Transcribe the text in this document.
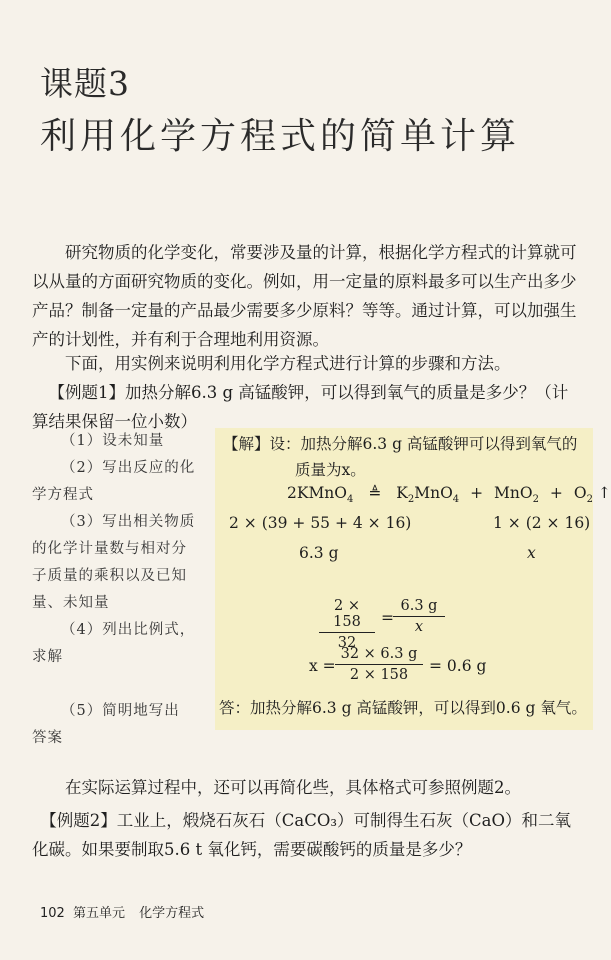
课题3
利用化学方程式的简单计算

研究物质的化学变化，常要涉及量的计算，根据化学方程式的计算就可以从量的方面研究物质的变化。例如，用一定量的原料最多可以生产出多少产品？制备一定量的产品最少需要多少原料？等等。通过计算，可以加强生产的计划性，并有利于合理地利用资源。

下面，用实例来说明利用化学方程式进行计算的步骤和方法。

【例题1】加热分解6.3 g 高锰酸钾，可以得到氧气的质量是多少？（计算结果保留一位小数）

（1）设未知量

（2）写出反应的化

学方程式

（3）写出相关物质

的化学计量数与相对分

子质量的乘积以及已知

量、未知量

（4）列出比例式，

求解

（5）简明地写出

答案

【解】设：加热分解6.3 g 高锰酸钾可以得到氧气的
质量为x。
2KMnO$_4$ ≜ $K_2MnO_4 + MnO_2 + O_2$ ↑
2 × (39 + 55 + 4 × 16)	1 × (2 × 16)
6.3 g	x
2 × 158
32
=
6.3 g
x
x =
32 × 6.3 g
2 × 158	= 0.6 g
答：加热分解6.3 g 高锰酸钾，可以得到0.6 g 氧气。

在实际运算过程中，还可以再简化些，具体格式可参照例题2。

【例题2】工业上，煅烧石灰石（CaCO₃）可制得生石灰（CaO）和二氧化碳。如果要制取5.6 t 氧化钙，需要碳酸钙的质量是多少？

102 第五单元 化学方程式
